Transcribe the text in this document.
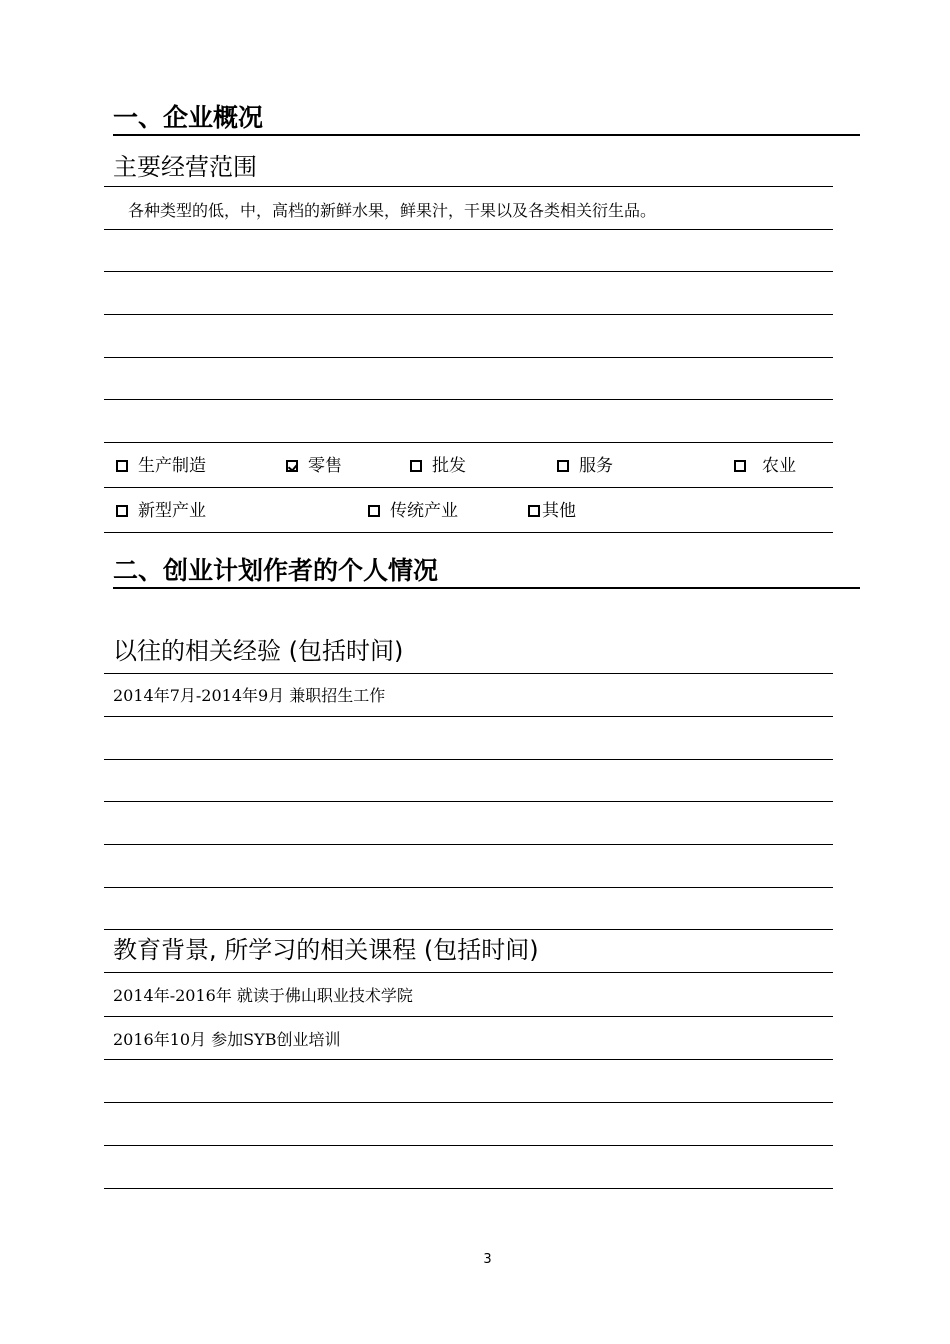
一、企业概况
主要经营范围
各种类型的低，中，高档的新鲜水果，鲜果汁，干果以及各类相关衍生品。
生产制造	零售	批发	服务	农业
新型产业	传统产业	其他
二、创业计划作者的个人情况
以往的相关经验 (包括时间)
2014年7月-2014年9月 兼职招生工作
教育背景, 所学习的相关课程 (包括时间)
2014年-2016年 就读于佛山职业技术学院
2016年10月 参加SYB创业培训
3
